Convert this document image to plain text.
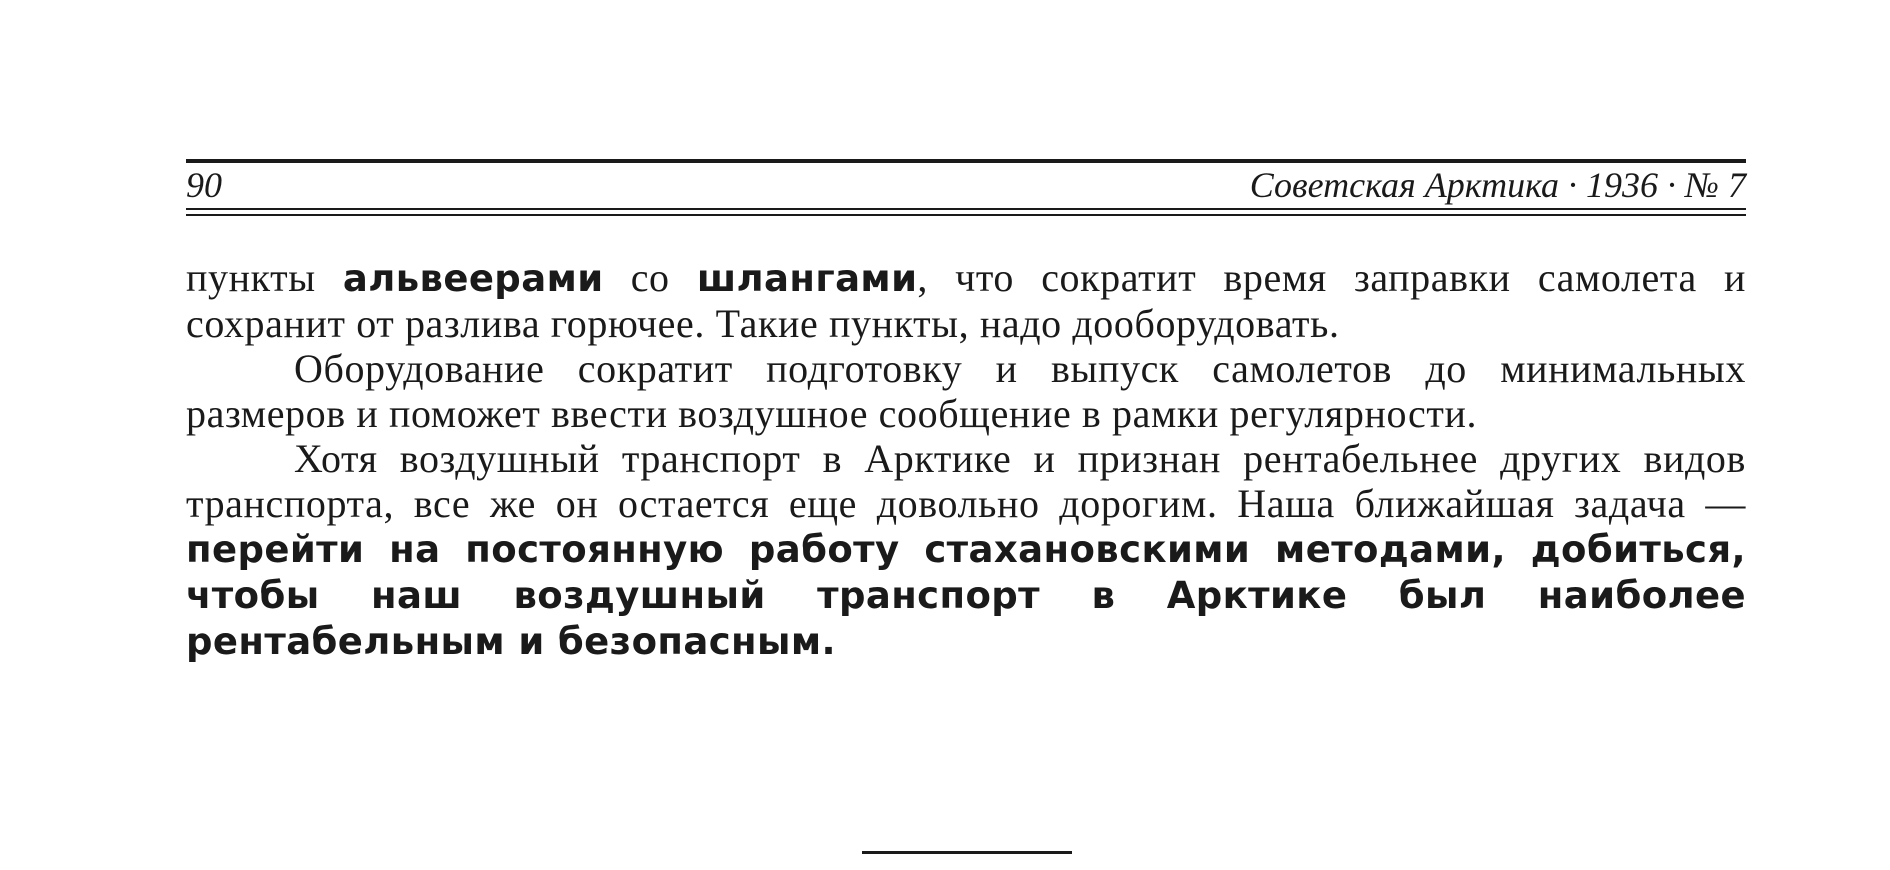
90	Советская Арктика · 1936 · № 7

пункты альвеерами со шлангами, что сократит время заправки самолета и сохранит от разлива горючее. Такие пункты, надо дооборудовать.

Оборудование сократит подготовку и выпуск самолетов до минимальных размеров и поможет ввести воздушное сообщение в рамки регулярности.

Хотя воздушный транспорт в Арктике и признан рентабельнее других видов транспорта, все же он остается еще довольно дорогим. Наша ближайшая задача — перейти на постоянную работу стахановскими методами, добиться, чтобы наш воздушный транспорт в Арктике был наиболее рентабельным и безопасным.
